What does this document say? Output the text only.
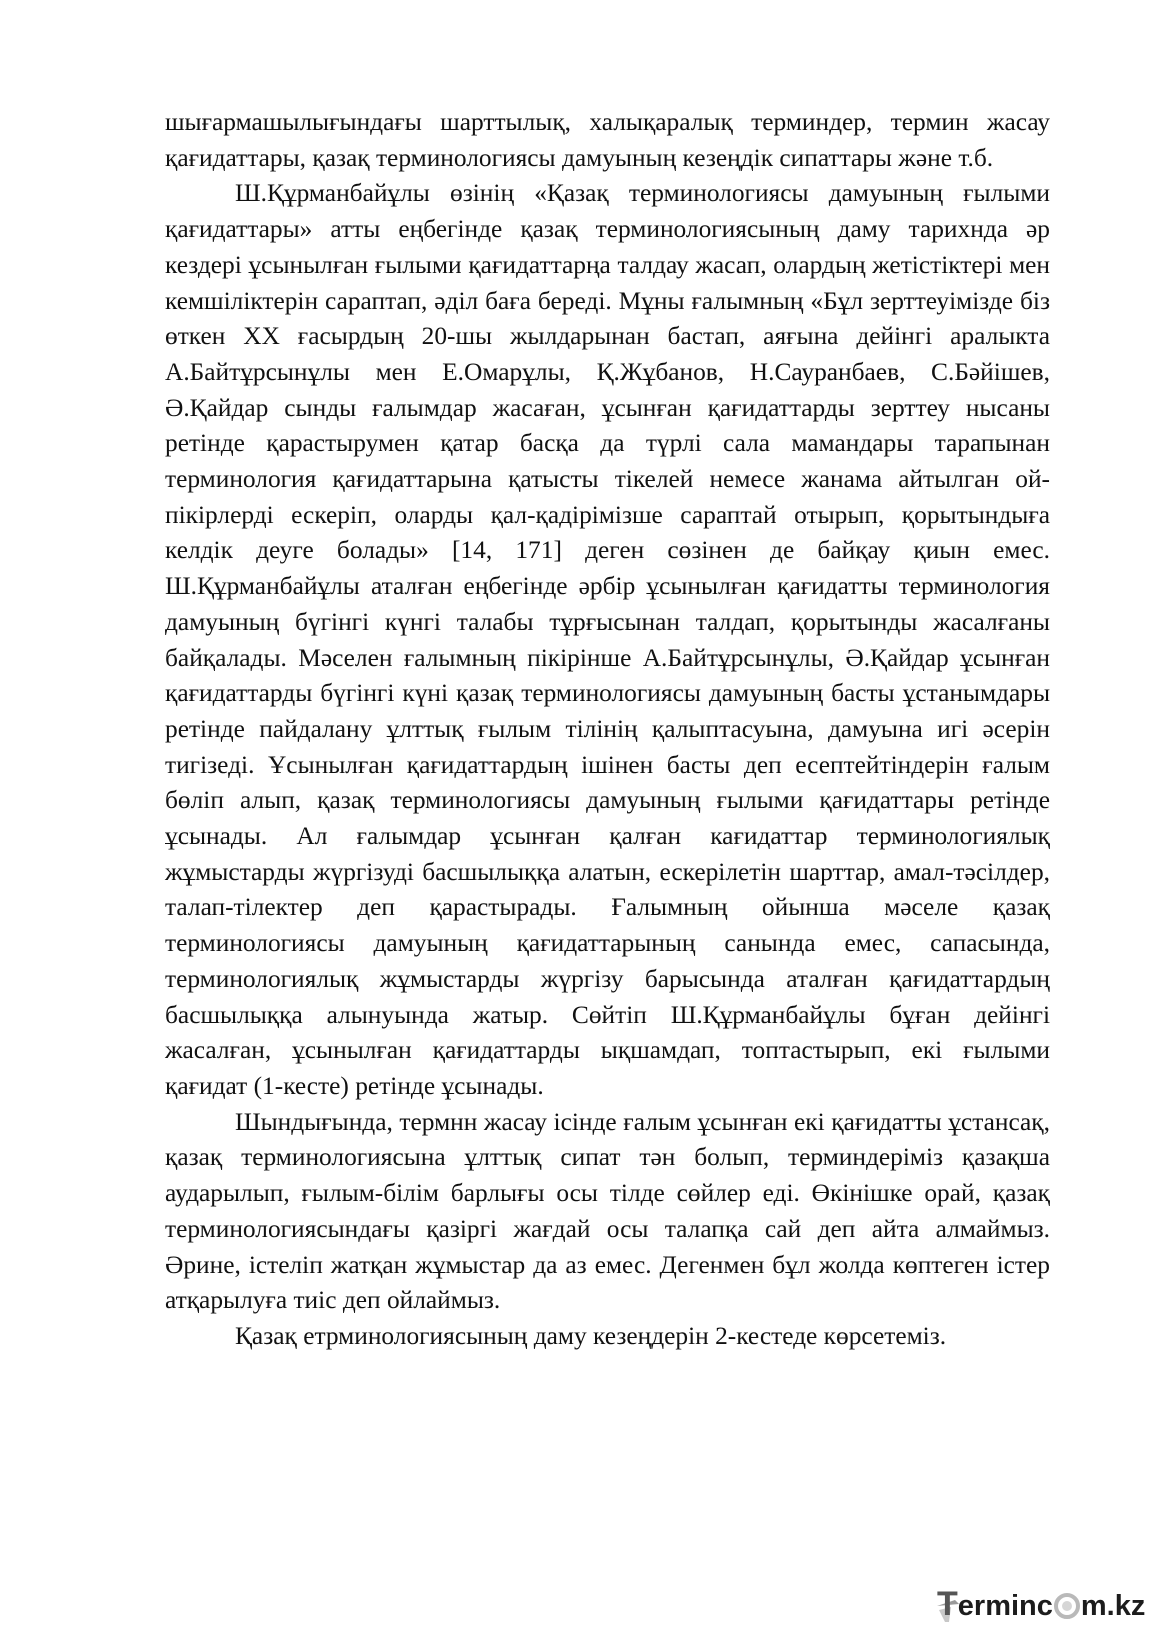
шығармашылығындағы шарттылық, халықаралық терминдер, термин жасау қағидаттары, қазақ терминологиясы дамуының кезеңдік сипаттары және т.б.

Ш.Құрманбайұлы өзінің «Қазақ терминологиясы дамуының ғылыми қағидаттары» атты еңбегінде қазақ терминологиясының даму тарихнда әр кездері ұсынылған ғылыми қағидаттарңа талдау жасап, олардың жетістіктері мен кемшіліктерін сараптап, әділ баға береді. Мұны ғалымның «Бұл зерттеуімізде біз өткен ХХ ғасырдың 20-шы жылдарынан бастап, аяғына дейінгі аралыкта А.Байтұрсынұлы мен Е.Омарұлы, Қ.Жұбанов, Н.Сауранбаев, С.Бәйішев, Ә.Қайдар сынды ғалымдар жасаған, ұсынған қағидаттарды зерттеу нысаны ретінде қарастырумен қатар басқа да түрлі сала мамандары тарапынан терминология қағидаттарына қатысты тікелей немесе жанама айтылган ой-пікірлерді ескеріп, оларды қал-қадірімізше сараптай отырып, қорытындыға келдік деуге болады» [14, 171] деген сөзінен де байқау қиын емес. Ш.Құрманбайұлы аталған еңбегінде әрбір ұсынылған қағидатты терминология дамуының бүгінгі күнгі талабы тұрғысынан талдап, қорытынды жасалғаны байқалады. Мәселен ғалымның пікірінше А.Байтұрсынұлы, Ә.Қайдар ұсынған қағидаттарды бүгінгі күні қазақ терминологиясы дамуының басты ұстанымдары ретінде пайдалану ұлттық ғылым тілінің қалыптасуына, дамуына игі әсерін тигізеді. Ұсынылған қағидаттардың ішінен басты деп есептейтіндерін ғалым бөліп алып, қазақ терминологиясы дамуының ғылыми қағидаттары ретінде ұсынады. Ал ғалымдар ұсынған қалған кағидаттар терминологиялық жұмыстарды жүргізуді басшылыққа алатын, ескерілетін шарттар, амал-тәсілдер, талап-тілектер деп қарастырады. Ғалымның ойынша мәселе қазақ терминологиясы дамуының қағидаттарының санында емес, сапасында, терминологиялық жұмыстарды жүргізу барысында аталған қағидаттардың басшылыққа алынуында жатыр. Сөйтіп Ш.Құрманбайұлы бұған дейінгі жасалған, ұсынылған қағидаттарды ықшамдап, топтастырып, екі ғылыми қағидат (1-кесте) ретінде ұсынады.

Шындығында, термнн жасау ісінде ғалым ұсынған екі қағидатты ұстансақ, қазақ терминологиясына ұлттық сипат тән болып, терминдеріміз қазақша аударылып, ғылым-білім барлығы осы тілде сөйлер еді. Өкінішке орай, қазақ терминологиясындағы қазіргі жағдай осы талапқа сай деп айта алмаймыз. Әрине, істеліп жатқан жұмыстар да аз емес. Дегенмен бұл жолда көптеген істер атқарылуға тиіс деп ойлаймыз.

Қазақ етрминологиясының даму кезеңдерін 2-кестеде көрсетеміз.

Terminc m.kz
